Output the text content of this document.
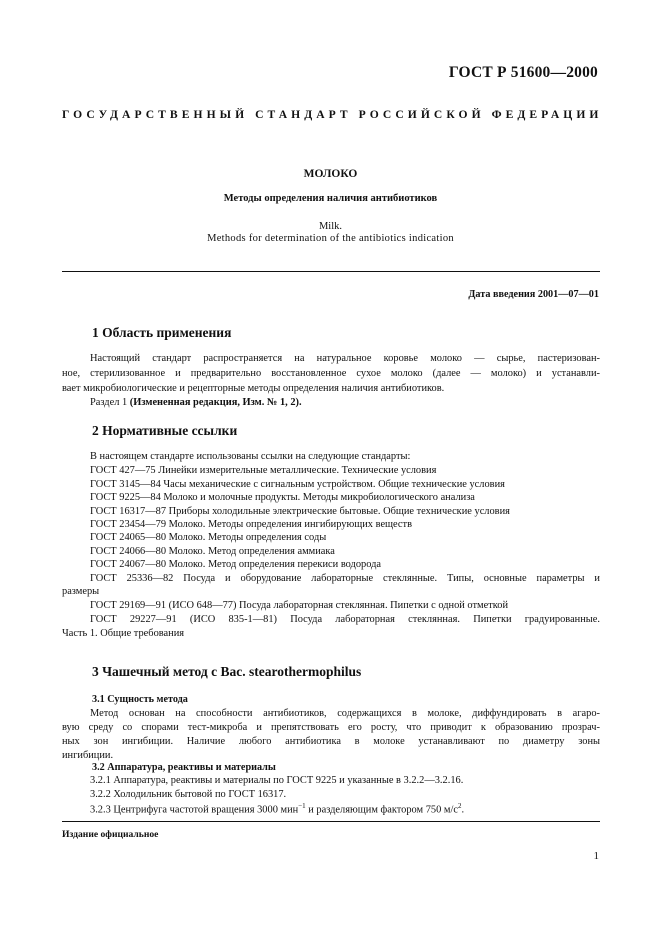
ГОСТ Р 51600—2000
ГОСУДАРСТВЕННЫЙ СТАНДАРТ РОССИЙСКОЙ ФЕДЕРАЦИИ
МОЛОКО
Методы определения наличия антибиотиков
Milk.
Methods for determination of the antibiotics indication
Дата введения 2001—07—01
1 Область применения
Настоящий стандарт распространяется на натуральное коровье молоко — сырье, пастеризован-
ное, стерилизованное и предварительно восстановленное сухое молоко (далее — молоко) и устанавли-
вает микробиологические и рецепторные методы определения наличия антибиотиков.
Раздел 1 (Измененная редакция, Изм. № 1, 2).
2 Нормативные ссылки
В настоящем стандарте использованы ссылки на следующие стандарты:
ГОСТ 427—75 Линейки измерительные металлические. Технические условия
ГОСТ 3145—84 Часы механические с сигнальным устройством. Общие технические условия
ГОСТ 9225—84 Молоко и молочные продукты. Методы микробиологического анализа
ГОСТ 16317—87 Приборы холодильные электрические бытовые. Общие технические условия
ГОСТ 23454—79 Молоко. Методы определения ингибирующих веществ
ГОСТ 24065—80 Молоко. Методы определения соды
ГОСТ 24066—80 Молоко. Метод определения аммиака
ГОСТ 24067—80 Молоко. Метод определения перекиси водорода
ГОСТ 25336—82 Посуда и оборудование лабораторные стеклянные. Типы, основные параметры и
размеры
ГОСТ 29169—91 (ИСО 648—77) Посуда лабораторная стеклянная. Пипетки с одной отметкой
ГОСТ 29227—91 (ИСО 835-1—81) Посуда лабораторная стеклянная. Пипетки градуированные.
Часть 1. Общие требования
3 Чашечный метод с Вас. stearothermophilus
3.1 Сущность метода
Метод основан на способности антибиотиков, содержащихся в молоке, диффундировать в агаро-
вую среду со спорами тест-микроба и препятствовать его росту, что приводит к образованию прозрач-
ных зон ингибиции. Наличие любого антибиотика в молоке устанавливают по диаметру зоны
ингибиции.
3.2 Аппаратура, реактивы и материалы
3.2.1 Аппаратура, реактивы и материалы по ГОСТ 9225 и указанные в 3.2.2—3.2.16.
3.2.2 Холодильник бытовой по ГОСТ 16317.
3.2.3 Центрифуга частотой вращения 3000 мин$^{-1}$ и разделяющим фактором 750 $м/с^2$.
Издание официальное
1
